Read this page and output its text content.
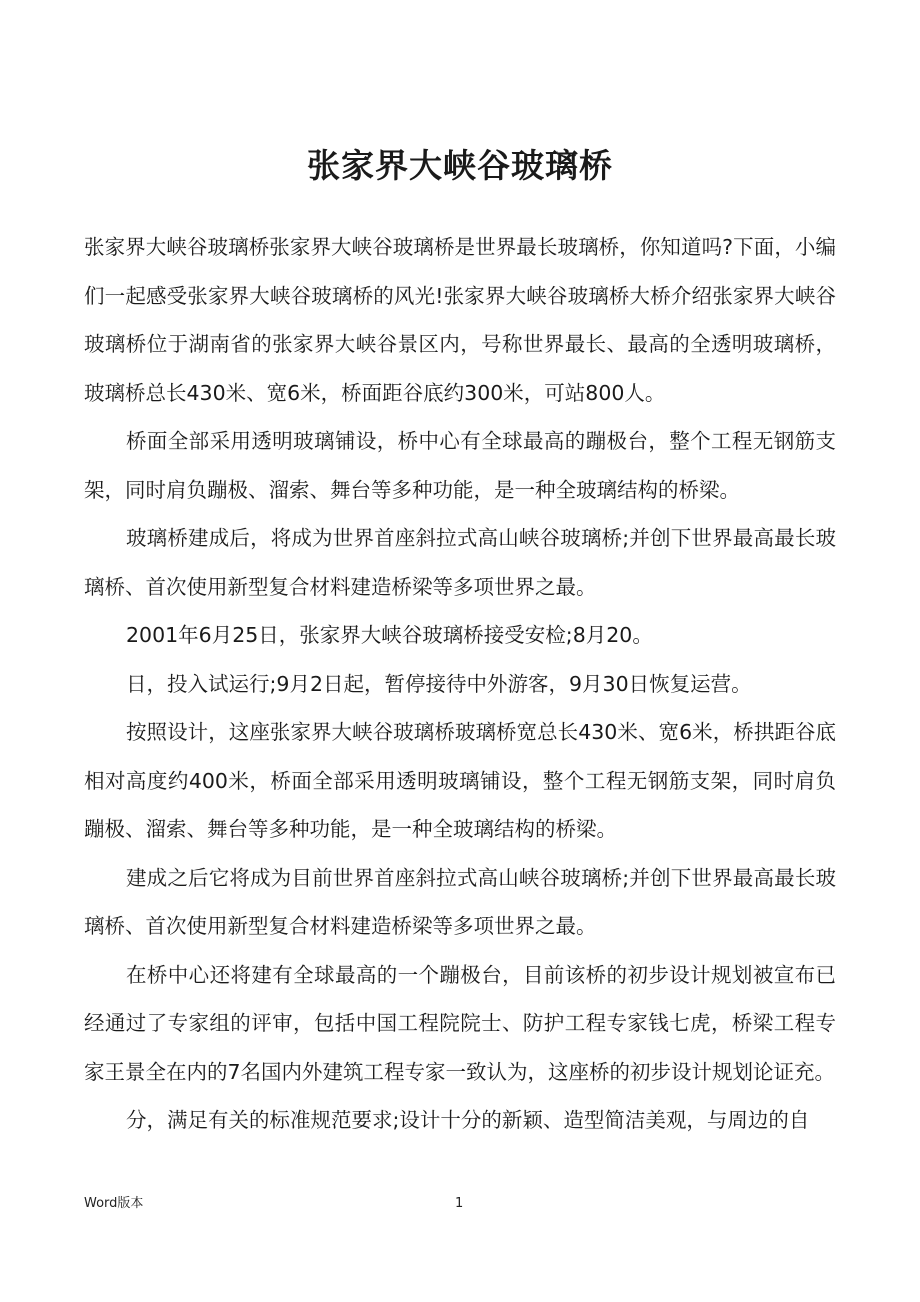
张家界大峡谷玻璃桥

张家界大峡谷玻璃桥张家界大峡谷玻璃桥是世界最长玻璃桥，你知道吗?下面，小编们一起感受张家界大峡谷玻璃桥的风光!张家界大峡谷玻璃桥大桥介绍张家界大峡谷玻璃桥位于湖南省的张家界大峡谷景区内，号称世界最长、最高的全透明玻璃桥，玻璃桥总长430米、宽6米，桥面距谷底约300米，可站800人。

桥面全部采用透明玻璃铺设，桥中心有全球最高的蹦极台，整个工程无钢筋支架，同时肩负蹦极、溜索、舞台等多种功能，是一种全玻璃结构的桥梁。

玻璃桥建成后，将成为世界首座斜拉式高山峡谷玻璃桥;并创下世界最高最长玻璃桥、首次使用新型复合材料建造桥梁等多项世界之最。

2001年6月25日，张家界大峡谷玻璃桥接受安检;8月20。

日，投入试运行;9月2日起，暂停接待中外游客，9月30日恢复运营。

按照设计，这座张家界大峡谷玻璃桥玻璃桥宽总长430米、宽6米，桥拱距谷底相对高度约400米，桥面全部采用透明玻璃铺设，整个工程无钢筋支架，同时肩负蹦极、溜索、舞台等多种功能，是一种全玻璃结构的桥梁。

建成之后它将成为目前世界首座斜拉式高山峡谷玻璃桥;并创下世界最高最长玻璃桥、首次使用新型复合材料建造桥梁等多项世界之最。

在桥中心还将建有全球最高的一个蹦极台，目前该桥的初步设计规划被宣布已经通过了专家组的评审，包括中国工程院院士、防护工程专家钱七虎，桥梁工程专家王景全在内的7名国内外建筑工程专家一致认为，这座桥的初步设计规划论证充。

分，满足有关的标准规范要求;设计十分的新颖、造型简洁美观，与周边的自

Word版本	1
